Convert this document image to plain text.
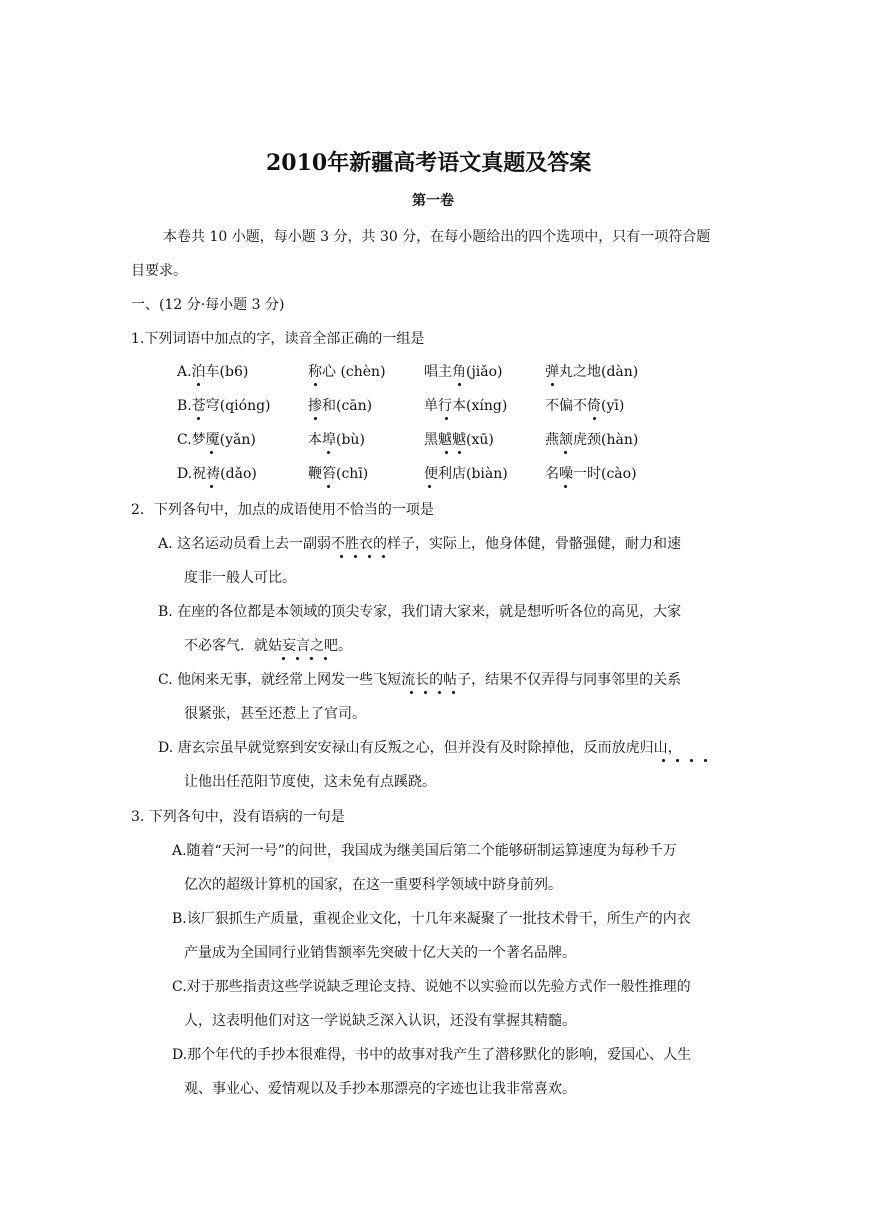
2010年新疆高考语文真题及答案
第一卷
本卷共 10 小题，每小题 3 分，共 30 分，在每小题给出的四个选项中，只有一项符合题
目要求。
一、(12 分·每小题 3 分)
1.下列词语中加点的字，读音全部正确的一组是
A.泊车(b6)	称心 (chèn)	唱主角(jiǎo)	弹丸之地(dàn)
B.苍穹(qióng)	掺和(cān)	单行本(xíng)	不偏不倚(yī)
C.梦魇(yǎn)	本埠(bù)	黑魆魆(xū)	燕颔虎颈(hàn)
D.祝祷(dǎo)	鞭笞(chī)	便利店(biàn)	名噪一时(cào)
2．下列各句中，加点的成语使用不恰当的一项是
A. 这名运动员看上去一副弱不胜衣的样子，实际上，他身体健，骨骼强健，耐力和速
度非一般人可比。
B. 在座的各位都是本领域的顶尖专家，我们请大家来，就是想听听各位的高见，大家
不必客气．就姑妄言之吧。
C. 他闲来无事，就经常上网发一些飞短流长的帖子，结果不仅弄得与同事邻里的关系
很紧张，甚至还惹上了官司。
D. 唐玄宗虽早就觉察到安安禄山有反叛之心，但并没有及时除掉他，反而放虎归山，
让他出任范阳节度使，这未免有点蹊跷。
3. 下列各句中，没有语病的一句是
A.随着“天河一号”的问世，我国成为继美国后第二个能够研制运算速度为每秒千万
亿次的超级计算机的国家，在这一重要科学领域中跻身前列。
B.该厂狠抓生产质量，重视企业文化，十几年来凝聚了一批技术骨干，所生产的内衣
产量成为全国同行业销售额率先突破十亿大关的一个著名品牌。
C.对于那些指责这些学说缺乏理论支持、说她不以实验而以先验方式作一般性推理的
人，这表明他们对这一学说缺乏深入认识，还没有掌握其精髓。
D.那个年代的手抄本很难得，书中的故事对我产生了潜移默化的影响，爱国心、人生
观、事业心、爱情观以及手抄本那漂亮的字迹也让我非常喜欢。
